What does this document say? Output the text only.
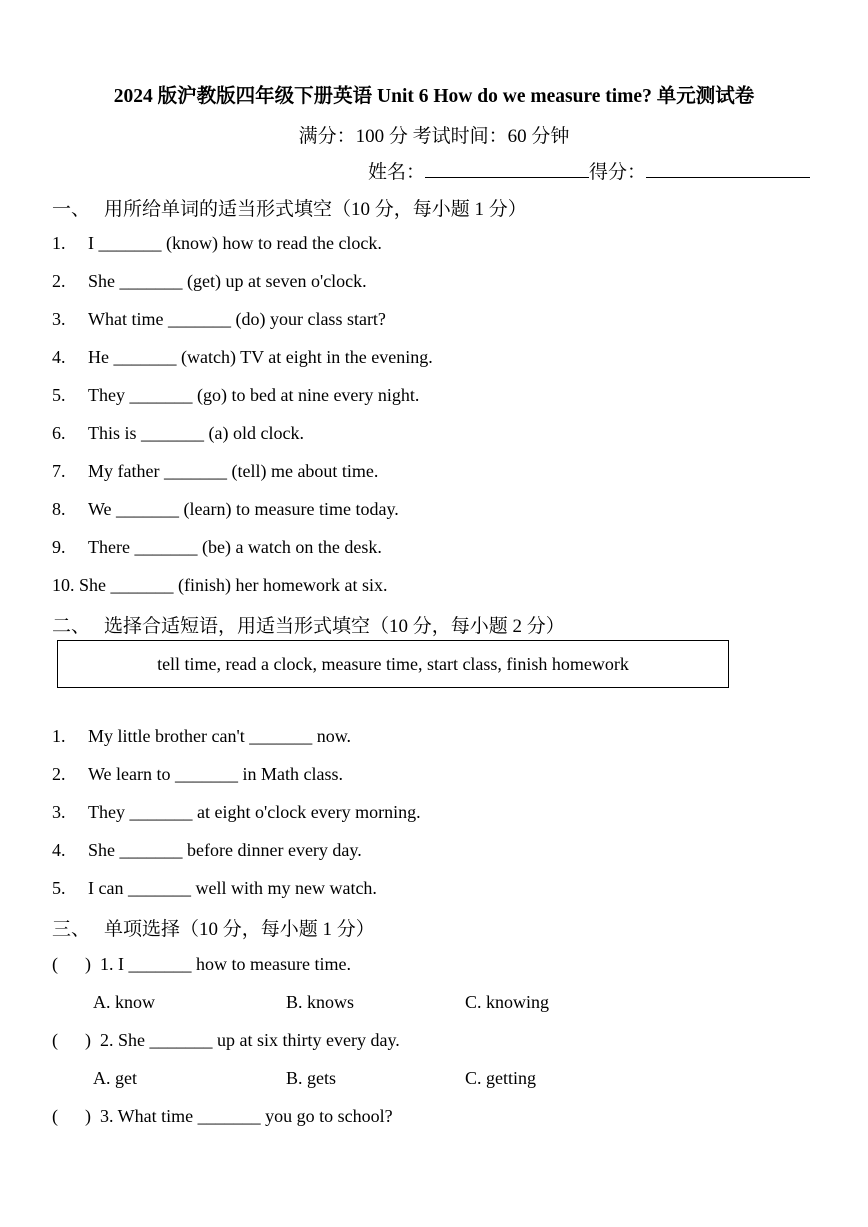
2024 版沪教版四年级下册英语 Unit 6 How do we measure time? 单元测试卷
满分：100 分 考试时间：60 分钟
姓名：	得分：
一、 用所给单词的适当形式填空（10 分，每小题 1 分）
1. I _______ (know) how to read the clock.
2. She _______ (get) up at seven o'clock.
3. What time _______ (do) your class start?
4. He _______ (watch) TV at eight in the evening.
5. They _______ (go) to bed at nine every night.
6. This is _______ (a) old clock.
7. My father _______ (tell) me about time.
8. We _______ (learn) to measure time today.
9. There _______ (be) a watch on the desk.
10. She _______ (finish) her homework at six.
二、 选择合适短语，用适当形式填空（10 分，每小题 2 分）
tell time, read a clock, measure time, start class, finish homework
1. My little brother can't _______ now.
2. We learn to _______ in Math class.
3. They _______ at eight o'clock every morning.
4. She _______ before dinner every day.
5. I can _______ well with my new watch.
三、 单项选择（10 分，每小题 1 分）
(      ) 1. I _______ how to measure time.
A. know	B. knows	C. knowing
(      ) 2. She _______ up at six thirty every day.
A. get	B. gets	C. getting
(      ) 3. What time _______ you go to school?
